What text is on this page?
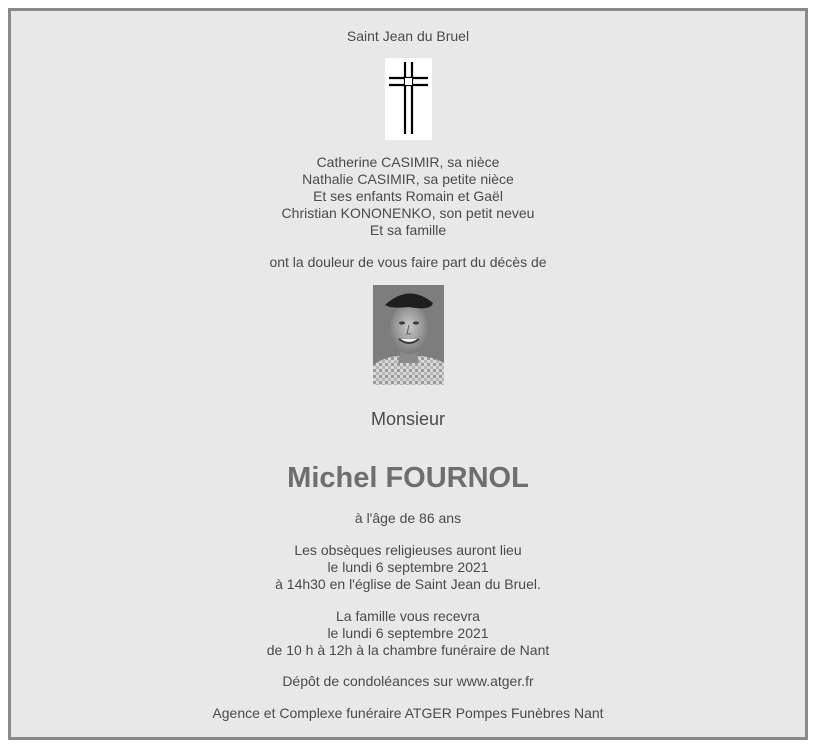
Saint Jean du Bruel
Catherine CASIMIR, sa nièce
Nathalie CASIMIR, sa petite nièce
Et ses enfants Romain et Gaël
Christian KONONENKO, son petit neveu
Et sa famille
ont la douleur de vous faire part du décès de
Monsieur
Michel FOURNOL
à l'âge de 86 ans
Les obsèques religieuses auront lieu
le lundi 6 septembre 2021
à 14h30 en l'église de Saint Jean du Bruel.
La famille vous recevra
le lundi 6 septembre 2021
de 10 h à 12h à la chambre funéraire de Nant
Dépôt de condoléances sur www.atger.fr
Agence et Complexe funéraire ATGER Pompes Funèbres Nant
